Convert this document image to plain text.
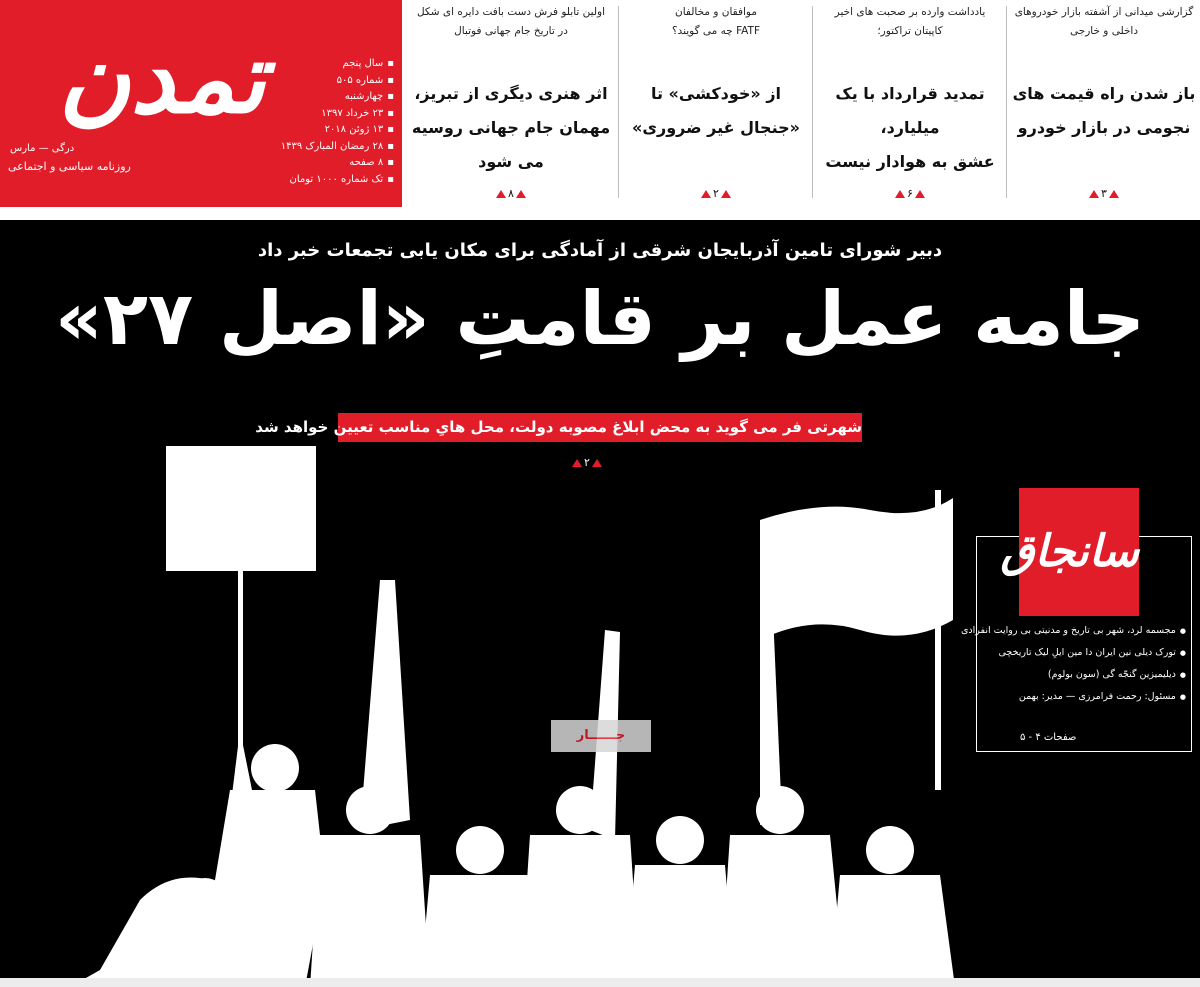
تمدن
درگی — مارس
روزنامه سیاسی و اجتماعی
▪ سال پنجم
▪ شماره ۵۰۵
▪ چهارشنبه
▪ ۲۳ خرداد ۱۳۹۷
▪ ۱۳ ژوئن ۲۰۱۸
▪ ۲۸ رمضان المبارک ۱۴۳۹
▪ ۸ صفحه
▪ تک شماره ۱۰۰۰ تومان
گزارشی میدانی از آشفته بازار خودروهای
داخلی و خارجی
باز شدن راه قیمت های
نجومی در بازار خودرو
۳
یادداشت وارده بر صحبت های اخیر
کاپیتان تراکتور؛
تمدید قرارداد با یک میلیارد،
عشق به هوادار نیست
۶
موافقان و مخالفان
FATF چه می گویند؟
از «خودکشی» تا
«جنجال غیر ضروری»
۲
اولین تابلو فرش دست بافت دایره ای شکل
در تاریخ جام جهانی فوتبال
اثر هنری دیگری از تبریز،
مهمان جام جهانی روسیه می شود
۸
دبیر شورای تامین آذربایجان شرقی از آمادگی برای مکان یابی تجمعات خبر داد
جامه عمل بر قامتِ «اصل ۲۷»
شهرتی فر می گوید به محض ابلاغ مصوبه دولت، محل هایِ مناسب تعیین خواهد شد
۲
سانجاق
● مجسمه لرد، شهر بی تاریخ و مدنیتی بی روایت انفرادی
● تورک دیلی نین ایران دا مین ایلِ لیک تاریخچی
● دیلیمیزین گنجّه گی (سون بولوم)
● مسئول: رحمت فرامرزی — مدیر: بهمن
صفحات ۴ - ۵
جــــــار
